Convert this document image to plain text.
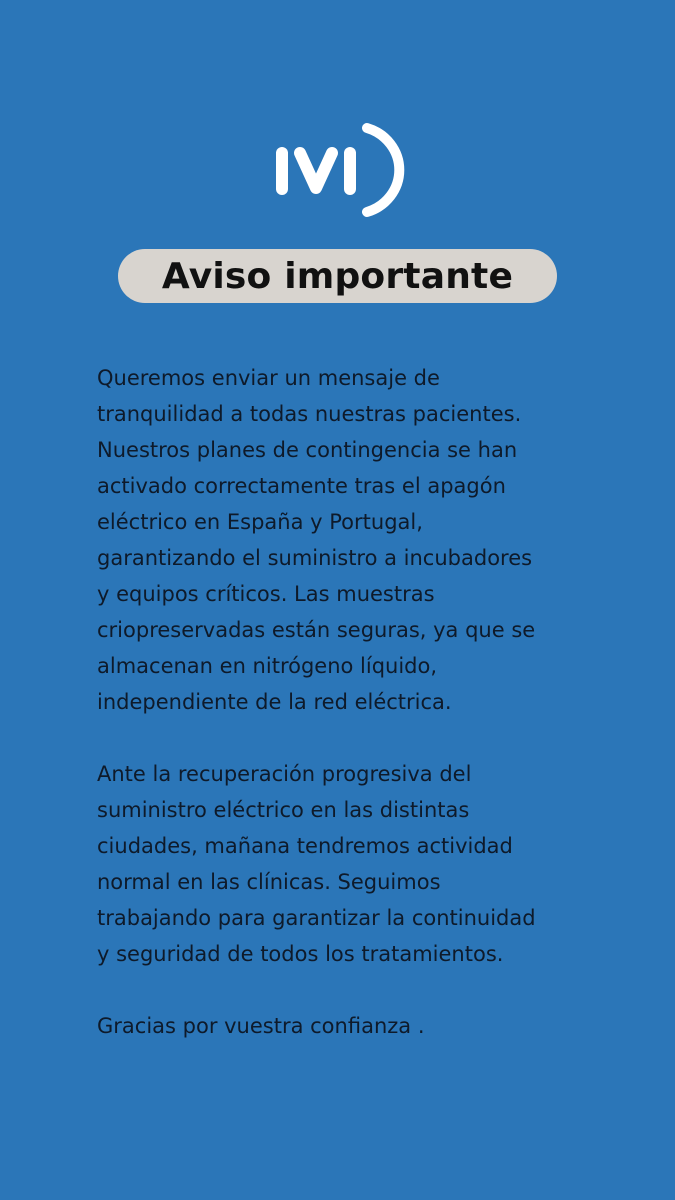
Aviso importante

Queremos enviar un mensaje de
tranquilidad a todas nuestras pacientes.
Nuestros planes de contingencia se han
activado correctamente tras el apagón
eléctrico en España y Portugal,
garantizando el suministro a incubadores
y equipos críticos. Las muestras
criopreservadas están seguras, ya que se
almacenan en nitrógeno líquido,
independiente de la red eléctrica.

Ante la recuperación progresiva del
suministro eléctrico en las distintas
ciudades, mañana tendremos actividad
normal en las clínicas. Seguimos
trabajando para garantizar la continuidad
y seguridad de todos los tratamientos.

Gracias por vuestra confianza .
